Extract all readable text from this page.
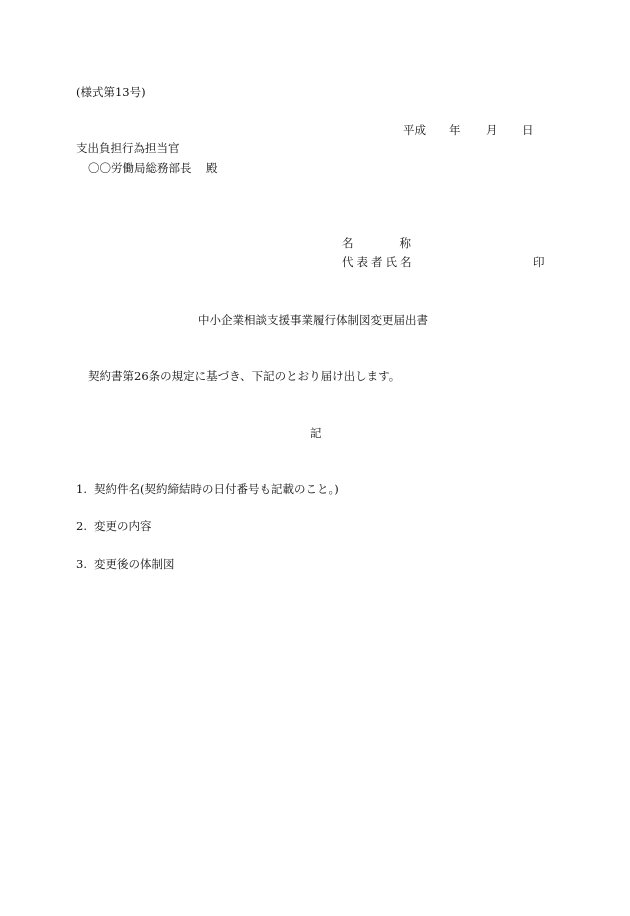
(様式第13号)
平成 年 月 日
支出負担行為担当官
〇〇労働局総務部長 殿
名　　　　称
代表者氏名	印
中小企業相談支援事業履行体制図変更届出書
契約書第26条の規定に基づき、下記のとおり届け出します。
記
1. 契約件名(契約締結時の日付番号も記載のこと。)
2. 変更の内容
3. 変更後の体制図
